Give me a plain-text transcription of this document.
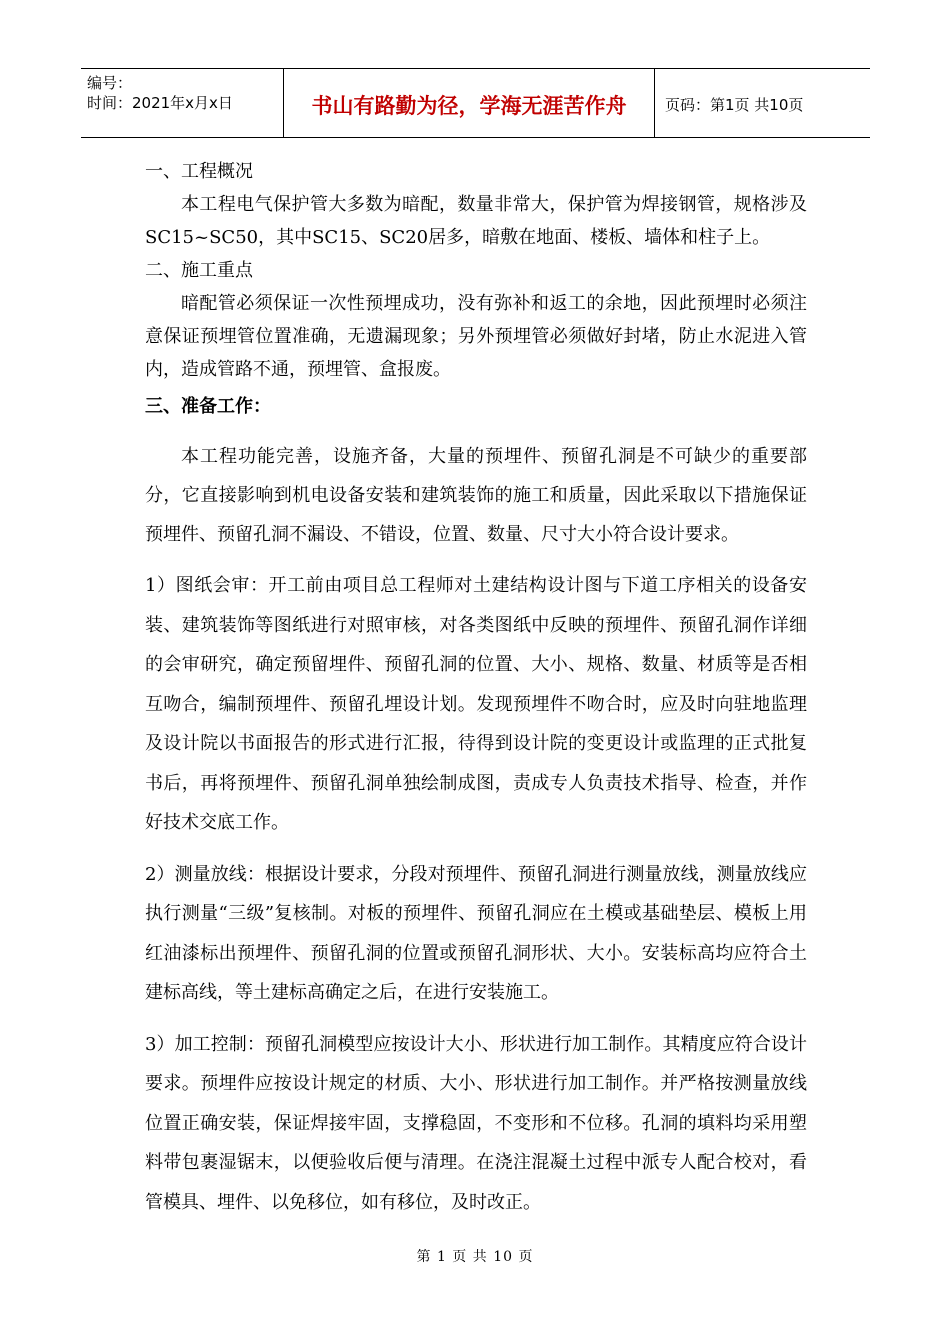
编号：
时间：2021年x月x日	书山有路勤为径，学海无涯苦作舟	页码：第1页 共10页

一、工程概况

本工程电气保护管大多数为暗配，数量非常大，保护管为焊接钢管，规格涉及SC15~SC50，其中SC15、SC20居多，暗敷在地面、楼板、墙体和柱子上。

二、施工重点

暗配管必须保证一次性预埋成功，没有弥补和返工的余地，因此预埋时必须注意保证预埋管位置准确，无遗漏现象；另外预埋管必须做好封堵，防止水泥进入管内，造成管路不通，预埋管、盒报废。

三、准备工作：

本工程功能完善，设施齐备，大量的预埋件、预留孔洞是不可缺少的重要部分，它直接影响到机电设备安装和建筑装饰的施工和质量，因此采取以下措施保证预埋件、预留孔洞不漏设、不错设，位置、数量、尺寸大小符合设计要求。

1）图纸会审：开工前由项目总工程师对土建结构设计图与下道工序相关的设备安装、建筑装饰等图纸进行对照审核，对各类图纸中反映的预埋件、预留孔洞作详细的会审研究，确定预留埋件、预留孔洞的位置、大小、规格、数量、材质等是否相互吻合，编制预埋件、预留孔埋设计划。发现预埋件不吻合时，应及时向驻地监理及设计院以书面报告的形式进行汇报，待得到设计院的变更设计或监理的正式批复书后，再将预埋件、预留孔洞单独绘制成图，责成专人负责技术指导、检查，并作好技术交底工作。

2）测量放线：根据设计要求，分段对预埋件、预留孔洞进行测量放线，测量放线应执行测量“三级”复核制。对板的预埋件、预留孔洞应在土模或基础垫层、模板上用红油漆标出预埋件、预留孔洞的位置或预留孔洞形状、大小。安装标高均应符合土建标高线，等土建标高确定之后，在进行安装施工。

3）加工控制：预留孔洞模型应按设计大小、形状进行加工制作。其精度应符合设计要求。预埋件应按设计规定的材质、大小、形状进行加工制作。并严格按测量放线位置正确安装，保证焊接牢固，支撑稳固，不变形和不位移。孔洞的填料均采用塑料带包裹湿锯末，以便验收后便与清理。在浇注混凝土过程中派专人配合校对，看管模具、埋件、以免移位，如有移位，及时改正。

第 1 页 共 10 页
